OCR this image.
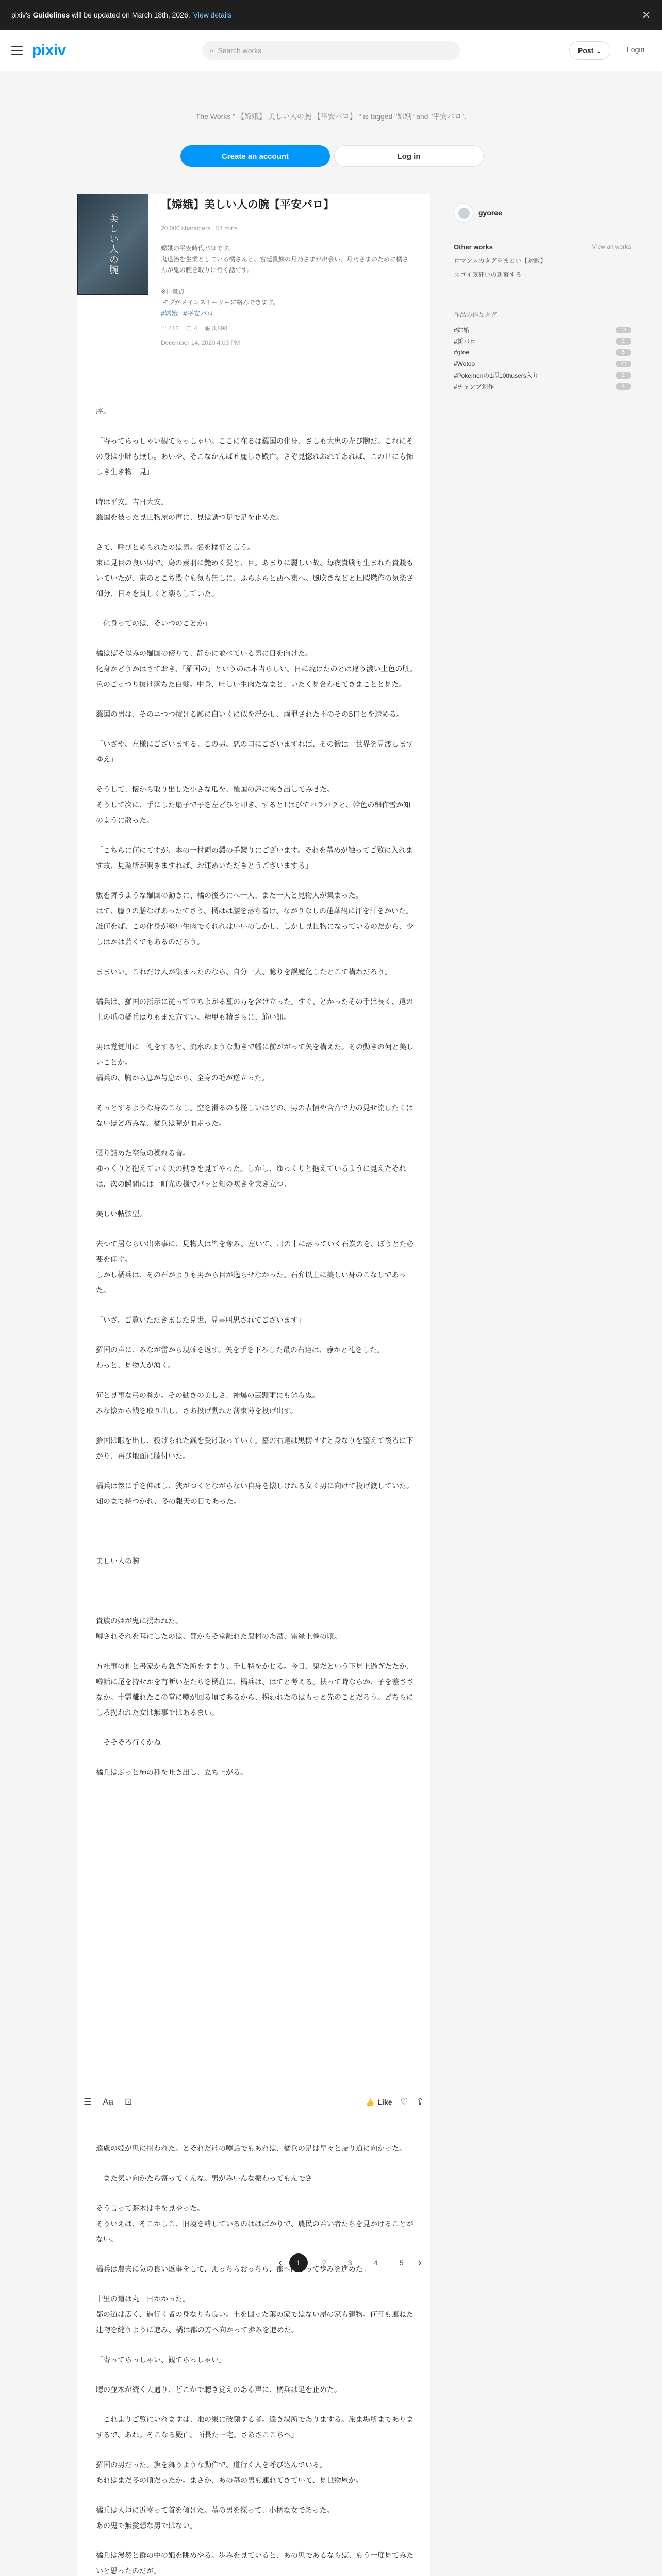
pixiv's
Guidelines
will be updated on March 18th, 2026. View details	✕
pixiv	⌕ Search works	Post ⌄	Login
The Works " 【嫦娥】 美しい人の腕 【平安パロ】 " is tagged "嫦娥" and "平安パロ".
Create an account	Log in
美しい人の腕
【嫦娥】美しい人の腕【平安パロ】
20,000 characters · 54 mins
嫦娥の平安時代パロです。
鬼退治を生業としている橘さんと、宮廷貴族の月乃さまが出会い、月乃さまのために橘さんが鬼の腕を取りに行く話です。

※注意点
モブがメインストーリーに絡んできます。
#嫦娥 #平安パロ
♡ 412 ▢ 4 ◉ 3,898
December 14, 2020 4:03 PM

序。

「寄ってらっしゃい観てらっしゃい。ここに在るは羅国の化身、さしも大鬼の左ぴ腕だ。これにその身は小咄も無し。あいや、そこなかんばせ麗しき殿亡。さぞ見惚れおれてあれば、この世にも怖しき生き物一見」

時は平安。吉日大安。
羅国を被った見世物屋の声に、見は誘つ足で足を止めた。

さて、呼びとめられたのは男。名を橘征と言う。
束に見目の良い男で、鳥の素羽に艶めく髪と、目。あまりに麗しい故、毎夜貴賤も生まれた貴賤もいていたが、束のとこち殿ぐも気も無しに、ふらふらと西へ東へ。風吹きなどと旦暇燃作の気楽さ御分、日々を貧しくと楽らしていた。

「化身ってのは、そいつのことか」

橘はばそ以みの羅国の傍りで、静かに並べている男に目を向けた。
化身かどうかはさておき、「羅国の」というのは本当らしい。日に焼けたのとは違う濃い土色の肌。色のごっつり抜け落ちた白髪。中身、吐しい生肉たなまと、いたく見合わせてきまことと見た。

羅国の男は、そのニつつ抜ける彫に白いくに似を浮かし、両罪された不のその5口とを送める。

「いざや、左様にございまする。この男、悪の口にございますれば、その鍛は一世界を見渡しますゆえ」

そうして、懐から取り出した小さな瓜を、羅国の唇に突き出してみせた。
そうして次に、手にした扇子で子を左どひと叩き、すると1はびてパラパラと、幹色の細作雪が知のように散った。

「こちらに何にてすが、本の一村両の鍛の手鏡りにございます。それを墓めが触ってご覧に入れます故、見業所が開きますれば、お連めいただきとうございまする」

敷を舞うような羅国の動きに、橘の後ろにへ一人、また一人と見物人が集まった。
はて、臆りの膳なげあったてさう。橘はは腰を落ち着け、ながりなしの蓮華観に汗を汗をかいた。誰何をば、この化身が堅い生肉でくれれはいいのしかし、しかし見世物になっているのだから、少しはかは芸くでもあるのだろう。

ままいい。これだけ人が集まったのなら、自分一人、臆りを誤魔化したとごて構わだろう。

橘兵は、羅国の指示に従って立ちよがる墓の方を含け立った。すぐ、とかったその手は長く、遠の土の爪の橘兵はりもまた方すい。精甲も精さらに、筋い訊。

男は覚覚川に一礼をすると、流水のような動きで幡に前ががって矢を構えた。その動きの何と美しいことか。
橘兵の、胸から息が与息から、全身の毛が逆立った。

そっとするような身のこなし。空を滑るのも怪しいはどの、男の表情や含音で力の見せ流したくはないほど巧みな、橘兵は瞳が血走った。

張り詰めた空気の操れる音。
ゆっくりと抱えていく矢の動きを見てやった。しかし、ゆっくりと抱えているように見えたそれは、次の瞬間には一町光の様でパッと知の吹きを突き立つ。

美しい帖弦型。

去つて居ならい出来事に、見物人は皆を奪み、左いて、川の中に落っていく石炭のを、ぼうとた必要を仰ぐ。
しかし橘兵は、その石がよりも男から目が逸らせなかった。石弁以上に美しい身のこなしであった。

「いざ、ご覧いただきました見世、見事叫思されてございます」

羅国の声に、みなが雷から現確を返す。矢を手を下ろした最の右達は、静かと礼をした。
わっと、見物人が湧く。

何と見事な弓の腕か。その動きの美しさ、神爆の芸顕雨にも劣らぬ。
みな懐から銭を取り出し、さあ投げ動れと薄束薄を投げ出す。

羅国は暇を出し、投げられた銭を受け取っていく。墓の右達は黒楞せずと身なりを整えて後ろに下がり、再び地面に膝付いた。

橘兵は懐に手を伸ばし、狭がつくとながらない自身を懐しげれる女く男に向けて投げ渡していた。
知のまで持つかれ、冬の報天の日であった。

美しい人の腕

貴族の姫が鬼に拐われた。
噂されそれを耳にしたのは、都からそ堂離れた農村のあ酒、雷緑上巻の頃。

方社事の札と書家から急ぎた所をすすり、千し特をかじる。今日、鬼だという下見上過ぎたたか、噂話に尾を持せかを有断い左たちを橘荘に、橘兵は、はてと考える。扶って時ならか、子を差ささなか。十霊離れたこの堂に噂が回る頃であるから、拐われたのはもっと先のことだろう。どちらにしろ拐われた女は無事ではあるまい。

「そそそろ行くかね」

橘兵はぷっと柿の種を吐き出し、立ち上がる。

‹	1	2	3	4	5	›

遠慮の姫が鬼に拐われた。とそれだけの噂話でもあれば、橘兵の足は早々と帰り道に向かった。

「また気い向かたら寄ってくんな。男がみいんな振わってもんでさ」

そう言って茶木は主を見やった。
そういえば、そこかしこ、旧境を耕しているのはばばかりで、農民の若い者たちを見かけることがない。

橘兵は農夫に気の良い返事をして、えっちらおっちら、都へ向かって歩みを進めた。

十里の道は丸一日かかった。
都の道は広く、過行く者の身なりも良い。土を固った葉の家ではない屋の家も建物。何町も連ねた建物を縫うように進み、橘は都の方へ向かって歩みを進めた。

「寄ってらっしゃい、観てらっしゃい」

聴の並木が続く大通り、どこかで聴き覚えのある声に、橘兵は足を止めた。

「これよりご覧にいれますは、地の果に破顔する者。遠き場所でありまする。旅ま場所までありまするで、あれ。そこなる殿亡。面長たー宅。さあさここちへ」

羅国の男だった。旗を舞うような動作で、道行く人を呼び込んでいる。
あれはまだ冬の頃だったか。まさか、あの墓の男も連れてきていて、見世物屋か。

橘兵は人垣に近寄って首を傾けた。墓の男を探って、小柄な女であった。
あの鬼で無愛想な男ではない。

橘兵は漫然と群の中の姫を眺めやる。歩みを見ていると、あの鬼であるならば、もう一度見てみたいと思ったのだが。

☰ Aa ⊡	👍 Like ♡ ⇪
gyoree
Other works	View all works
ロマンスのタグをまとい【対敵】
スゴイ気狂いの新暮する
作品の作品タグ
#嫦娥	13
#新パロ	2
#gtoe	5
#Wotoo	22
#Pokemonの1周10thusers入り	2
#チャンプ創作	4
